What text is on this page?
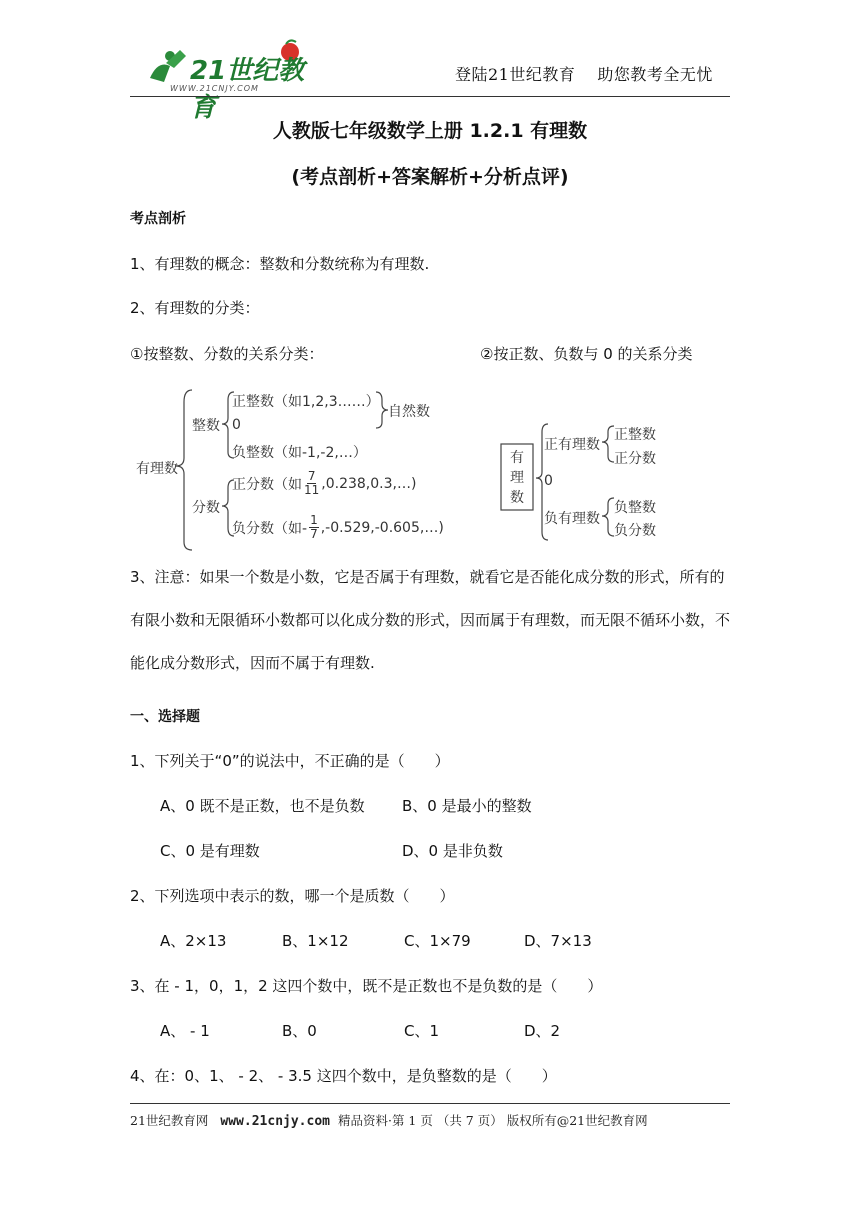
21世纪教育
WWW.21CNJY.COM
登陆21世纪教育 助您教考全无忧
人教版七年级数学上册 1.2.1 有理数
(考点剖析+答案解析+分析点评)
考点剖析
1、有理数的概念：整数和分数统称为有理数.
2、有理数的分类：
①按整数、分数的关系分类：	②按正数、负数与 0 的关系分类
有理数
整数
正整数（如1,2,3……）
0
自然数
负整数（如-1,-2,…）
分数
正分数（如 $\frac{7}{11}$ ,0.238,0.3,…)
负分数（如- $\frac{1}{7}$ ,-0.529,-0.605,…)
有理数
正有理数
正整数
正分数
0
负有理数
负整数
负分数
3、注意：如果一个数是小数，它是否属于有理数，就看它是否能化成分数的形式，所有的有限小数和无限循环小数都可以化成分数的形式，因而属于有理数，而无限不循环小数，不能化成分数形式，因而不属于有理数.
一、选择题
1、下列关于“0”的说法中，不正确的是（　　）
A、0 既不是正数，也不是负数 B、0 是最小的整数
C、0 是有理数	D、0 是非负数
2、下列选项中表示的数，哪一个是质数（　　）
A、2×13	B、1×12	C、1×79	D、7×13
3、在 - 1，0，1，2 这四个数中，既不是正数也不是负数的是（　　）
A、 - 1	B、0	C、1	D、2
4、在：0、1、 - 2、 - 3.5 这四个数中，是负整数的是（　　）
21世纪教育网 www.21cnjy.com 精品资料·第 1 页 （共 7 页） 版权所有@21世纪教育网
